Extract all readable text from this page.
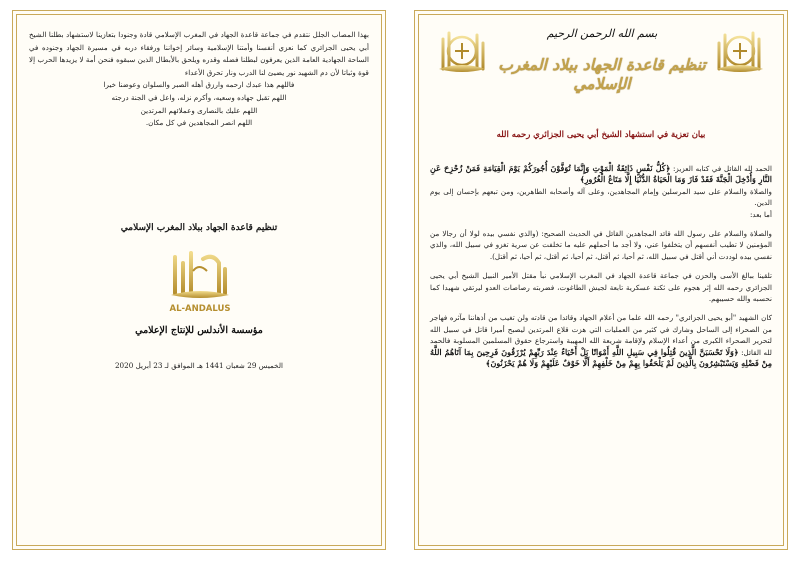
بهذا المصاب الجلل نتقدم في جماعة قاعدة الجهاد في المغرب الإسلامي قادة وجنودا بتعازينا لاستشهاد بطلنا الشيخ أبي يحيى الجزائري كما نعزي أنفسنا وأمتنا الإسلامية وسائر إخواننا ورفقاء دربه في مسيرة الجهاد وجنوده في الساحة الجهادية العامة الذين يعرفون لبطلنا فضله وقدره ويلحق بالأبطال الذين سبقوه فنحن أمة لا يزيدها الحرب إلا قوة وثباتا لأن دم الشهيد نور يضيئ لنا الدرب ونار تحرق الأعداء

فاللهم هذا عبدك ارحمه وارزق أهله الصبر والسلوان وعوضنا خيرا

اللهم تقبل جهاده وسعيه، وأكرم نزله، واعل في الجنة درجته

اللهم عليك بالنصارى وعملائهم المرتدين

اللهم انصر المجاهدين في كل مكان.

تنظيم قاعدة الجهاد ببلاد المغرب الإسلامي
AL-ANDALUS
مؤسسة الأندلس للإنتاج الإعلامي
الخميس 29 شعبان 1441 هـ الموافق لـ 23 أبريل 2020
بسم الله الرحمن الرحيم
تنظيم قاعدة الجهاد ببلاد المغرب الإسلامي
بيان تعزية في استشهاد الشيخ أبي يحيى الجزائري رحمه الله

الحمد لله القائل في كتابه العزيز: ﴿كُلُّ نَفْسٍ ذَائِقَةُ الْمَوْتِ وَإِنَّمَا تُوَفَّوْنَ أُجُورَكُمْ يَوْمَ الْقِيَامَةِ فَمَنْ زُحْزِحَ عَنِ النَّارِ وَأُدْخِلَ الْجَنَّةَ فَقَدْ فَازَ وَمَا الْحَيَاةُ الدُّنْيَا إِلَّا مَتَاعُ الْغُرُورِ﴾
والصلاة والسلام على سيد المرسلين وإمام المجاهدين، وعلى آله وأصحابه الطاهرين، ومن تبعهم بإحسان إلى يوم الدين.
أما بعد:

والصلاة والسلام على رسول الله قائد المجاهدين القائل في الحديث الصحيح: (والذي نفسي بيده لولا أن رجالا من المؤمنين لا تطيب أنفسهم أن يتخلفوا عني، ولا أجد ما أحملهم عليه ما تخلفت عن سرية تغزو في سبيل الله، والذي نفسي بيده لوددت أني أقتل في سبيل الله، ثم أحيا، ثم أقتل، ثم أحيا، ثم أقتل، ثم أحيا، ثم أقتل).

تلقينا ببالغ الأسى والحزن في جماعة قاعدة الجهاد في المغرب الإسلامي نبأ مقتل الأمير النبيل الشيخ أبي يحيى الجزائري رحمه الله إثر هجوم على ثكنة عسكرية تابعة لجيش الطاغوت، فضربته رصاصات العدو ليرتقي شهيدا كما نحسبه والله حسيبهم.

كان الشهيد "أبو يحيى الجزائري" رحمه الله علما من أعلام الجهاد وقائدا من قادته ولن تغيب من أذهاننا مآثره فهاجر من الصحراء إلى الساحل وشارك في كثير من العمليات التي هزت قلاع المرتدين ليصبح أميرا قاتل في سبيل الله لتحرير الصحراء الكبرى من أعداء الإسلام ولإقامة شريعة الله المهيبة واسترجاع حقوق المسلمين المسلوبة فالحمد لله القائل: ﴿وَلَا تَحْسَبَنَّ الَّذِينَ قُتِلُوا فِي سَبِيلِ اللَّهِ أَمْوَاتًا بَلْ أَحْيَاءٌ عِنْدَ رَبِّهِمْ يُرْزَقُونَ فَرِحِينَ بِمَا آتَاهُمُ اللَّهُ مِنْ فَضْلِهِ وَيَسْتَبْشِرُونَ بِالَّذِينَ لَمْ يَلْحَقُوا بِهِمْ مِنْ خَلْفِهِمْ أَلَّا خَوْفٌ عَلَيْهِمْ وَلَا هُمْ يَحْزَنُونَ﴾
